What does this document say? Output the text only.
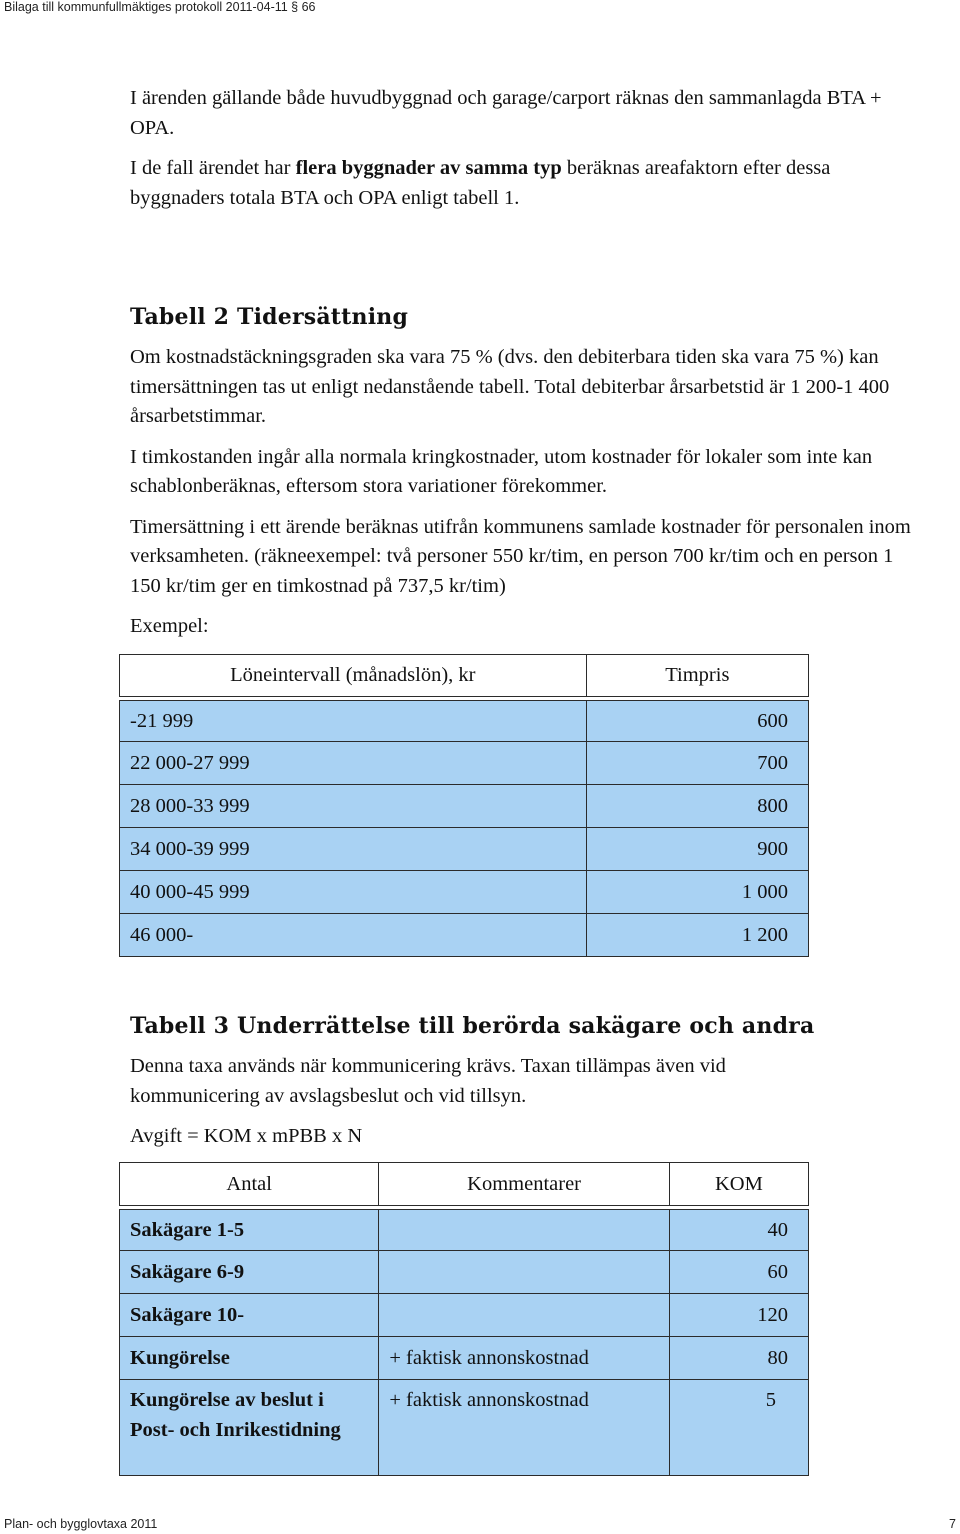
Bilaga till kommunfullmäktiges protokoll 2011-04-11 § 66

I ärenden gällande både huvudbyggnad och garage/carport räknas den sammanlagda BTA + OPA.

I de fall ärendet har flera byggnader av samma typ beräknas areafaktorn efter dessa byggnaders totala BTA och OPA enligt tabell 1.

Tabell 2 Tidersättning

Om kostnadstäckningsgraden ska vara 75 % (dvs. den debiterbara tiden ska vara 75 %) kan timersättningen tas ut enligt nedanstående tabell. Total debiterbar årsarbetstid är 1 200-1 400 årsarbetstimmar.

I timkostanden ingår alla normala kringkostnader, utom kostnader för lokaler som inte kan schablonberäknas, eftersom stora variationer förekommer.

Timersättning i ett ärende beräknas utifrån kommunens samlade kostnader för personalen inom verksamheten. (räkneexempel: två personer 550 kr/tim, en person 700 kr/tim och en person 1 150 kr/tim ger en timkostnad på 737,5 kr/tim)

Exempel:

Löneintervall (månadslön), kr	Timpris

-21 999	600
22 000-27 999	700
28 000-33 999	800
34 000-39 999	900
40 000-45 999	1 000
46 000-	1 200
Tabell 3 Underrättelse till berörda sakägare och andra

Denna taxa används när kommunicering krävs. Taxan tillämpas även vid kommunicering av avslagsbeslut och vid tillsyn.

Avgift = KOM x mPBB x N

Antal	Kommentarer	KOM

Sakägare 1-5		40
Sakägare 6-9		60
Sakägare 10-		120
Kungörelse	+ faktisk annonskostnad	80
Kungörelse av beslut i Post- och Inrikestidning	+ faktisk annonskostnad	5
Plan- och bygglovtaxa 2011	7
